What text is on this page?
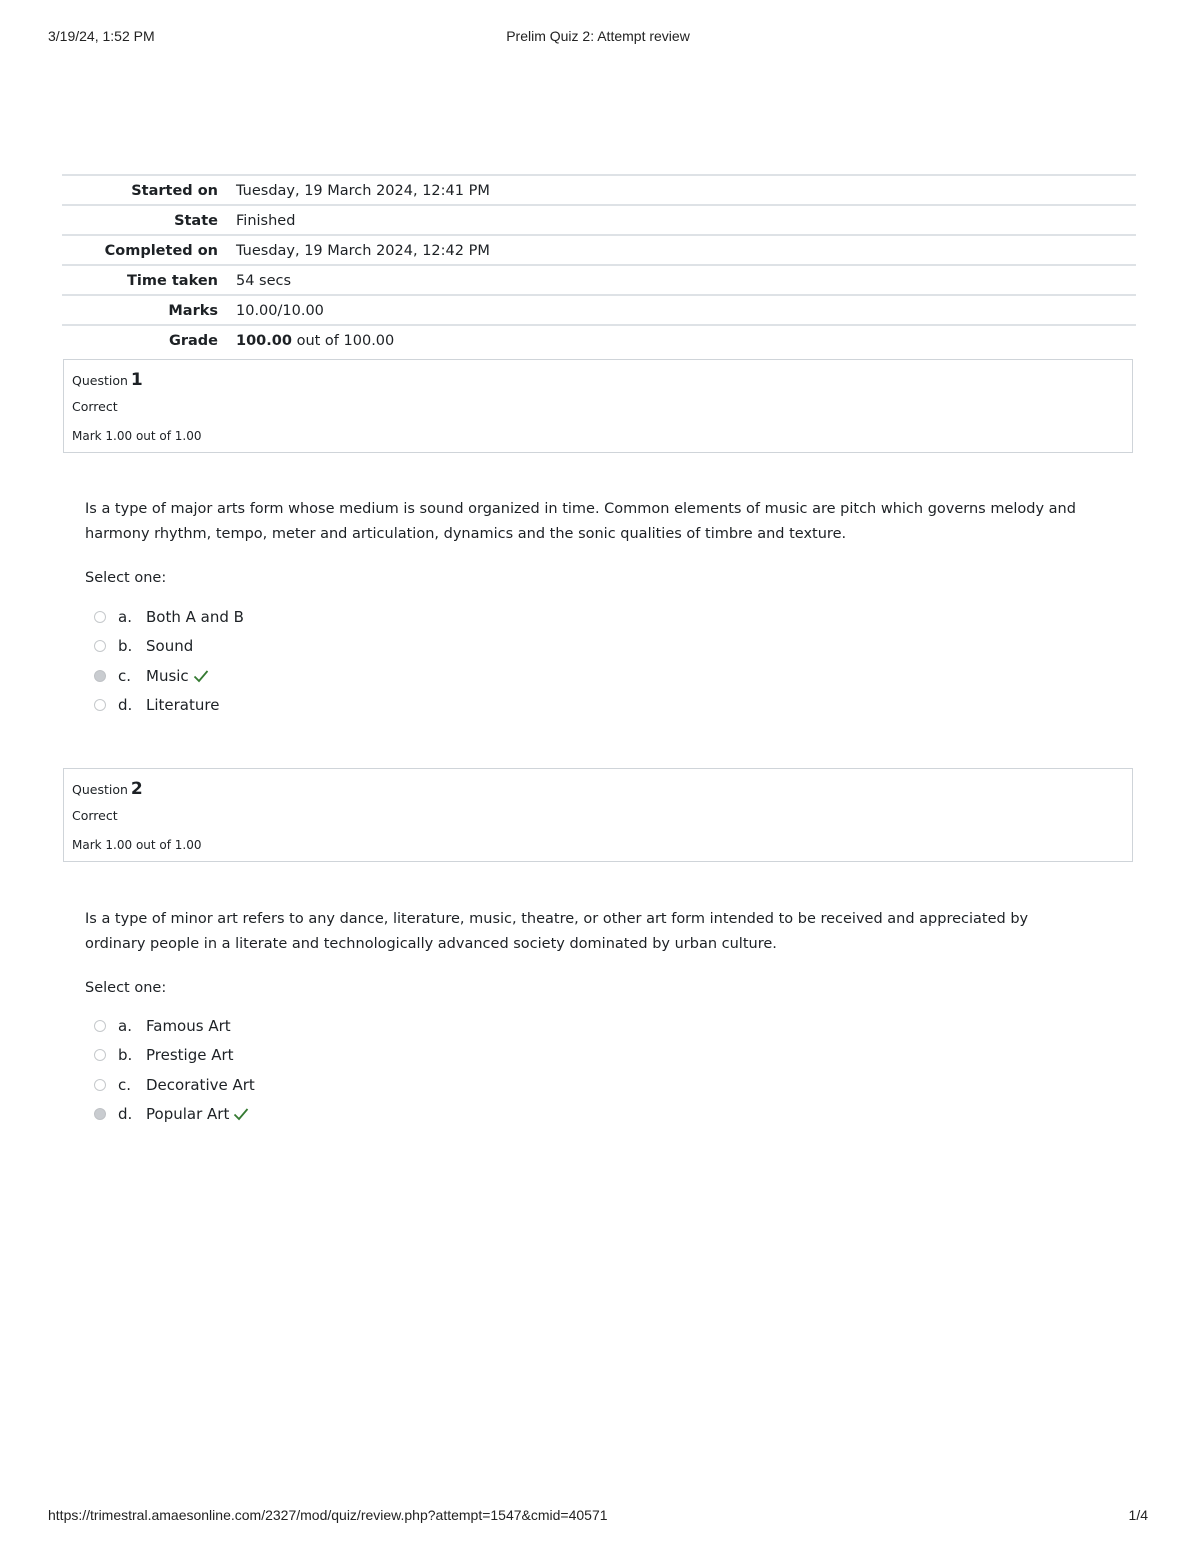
3/19/24, 1:52 PM	Prelim Quiz 2: Attempt review
Started on	Tuesday, 19 March 2024, 12:41 PM
State	Finished
Completed on	Tuesday, 19 March 2024, 12:42 PM
Time taken	54 secs
Marks	10.00/10.00
Grade	100.00 out of 100.00
Question 1
Correct
Mark 1.00 out of 1.00
Is a type of major arts form whose medium is sound organized in time. Common elements of music are pitch which governs melody and harmony rhythm, tempo, meter and articulation, dynamics and the sonic qualities of timbre and texture.
Select one:
a. Both A and B
b. Sound
c. Music
d. Literature
Question 2
Correct
Mark 1.00 out of 1.00
Is a type of minor art refers to any dance, literature, music, theatre, or other art form intended to be received and appreciated by ordinary people in a literate and technologically advanced society dominated by urban culture.
Select one:
a. Famous Art
b. Prestige Art
c. Decorative Art
d. Popular Art
https://trimestral.amaesonline.com/2327/mod/quiz/review.php?attempt=1547&cmid=40571	1/4
